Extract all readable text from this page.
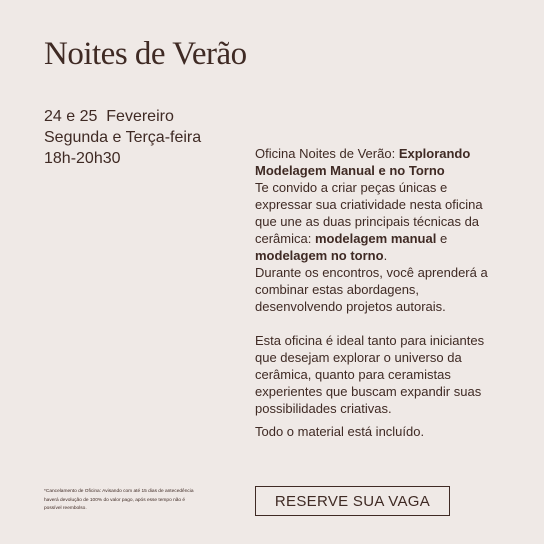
Noites de Verão
24 e 25  Fevereiro
Segunda e Terça-feira
18h-20h30	Oficina Noites de Verão: Explorando Modelagem Manual e no Torno

Te convido a criar peças únicas e expressar sua criatividade nesta oficina que une as duas principais técnicas da cerâmica: modelagem manual e modelagem no torno.

Durante os encontros, você aprenderá a combinar estas abordagens, desenvolvendo projetos autorais.

Esta oficina é ideal tanto para iniciantes que desejam explorar o universo da cerâmica, quanto para ceramistas experientes que buscam expandir suas possibilidades criativas.

Todo o material está incluído.

*Cancelamento de Oficina: Avisando com até 15 dias de antecedência haverá devolução de 100% do valor pago, após esse tempo não é possível reembolso.	RESERVE SUA VAGA
